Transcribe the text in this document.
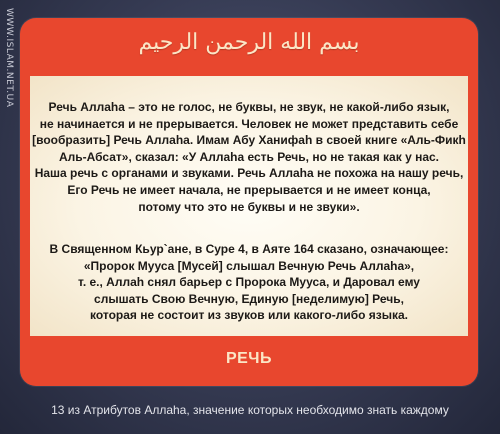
WWW.ISLAM.NET.UA	بسم الله الرحمن الرحيم
Речь Аллаhа – это не голос, не буквы, не звук, не какой-либо язык,
не начинается и не прерывается. Человек не может представить себе
[вообразить] Речь Аллаhа. Имам Абу Ханифаh в своей книге «Аль-Фикh
Аль-Абсат», сказал: «У Аллаhа есть Речь, но не такая как у нас.
Наша речь с органами и звуками. Речь Аллаhа не похожа на нашу речь,
Его Речь не имеет начала, не прерывается и не имеет конца,
потому что это не буквы и не звуки».
В Священном Кьур`ане, в Суре 4, в Аяте 164 сказано, означающее:
«Пророк Мууса [Мусей] слышал Вечную Речь Аллаhа»,
т. е., Аллаh снял барьер с Пророка Мууса, и Даровал ему
слышать Свою Вечную, Единую [неделимую] Речь,
которая не состоит из звуков или какого-либо языка.
РЕЧЬ
13 из Атрибутов Аллаhа, значение которых необходимо знать каждому
